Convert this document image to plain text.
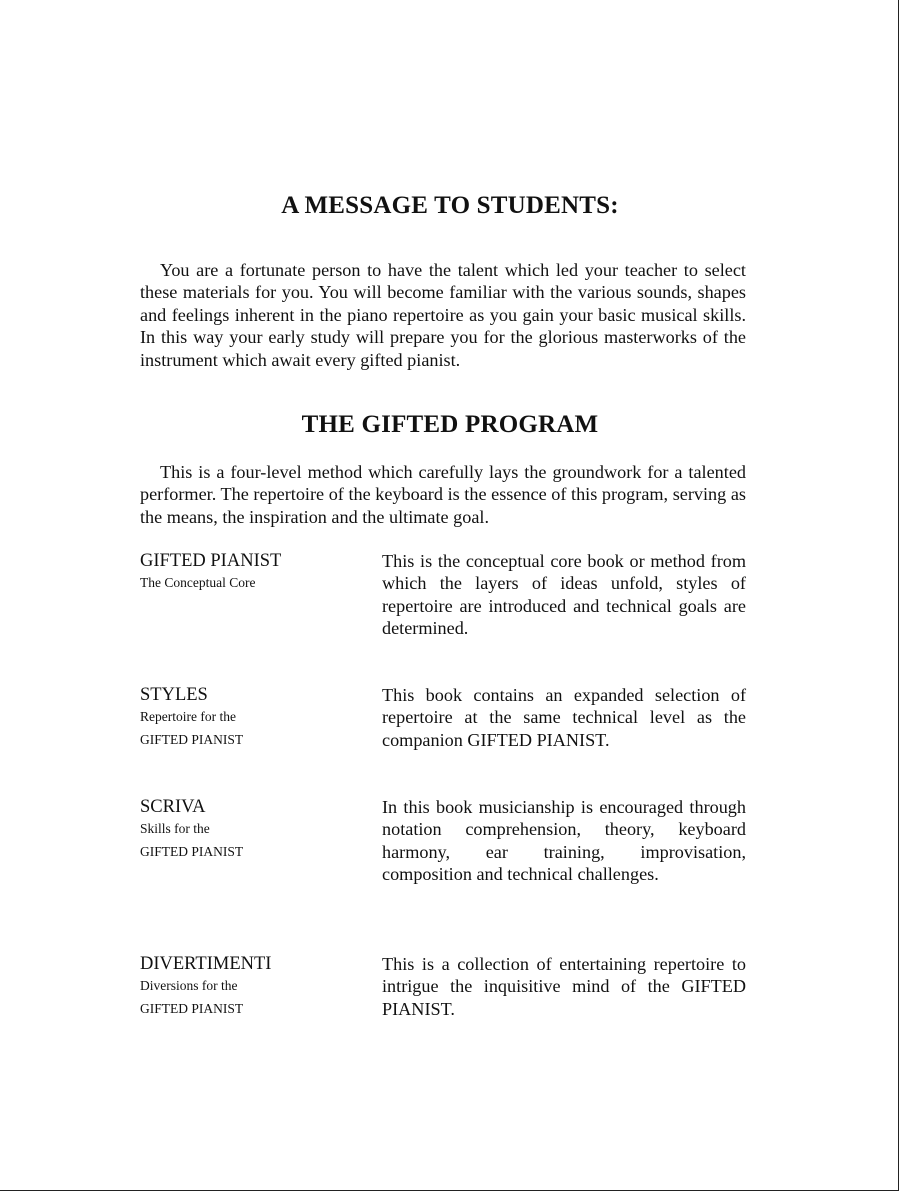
A MESSAGE TO STUDENTS:

You are a fortunate person to have the talent which led your teacher to select these materials for you. You will become familiar with the various sounds, shapes and feelings inherent in the piano repertoire as you gain your basic musical skills. In this way your early study will prepare you for the glorious masterworks of the instrument which await every gifted pianist.

THE GIFTED PROGRAM

This is a four-level method which carefully lays the groundwork for a talented performer. The repertoire of the keyboard is the essence of this program, serving as the means, the inspiration and the ultimate goal.

GIFTED PIANIST
The Conceptual Core

This is the conceptual core book or method from which the layers of ideas unfold, styles of repertoire are introduced and technical goals are determined.

STYLES
Repertoire for the
GIFTED PIANIST

This book contains an expanded selection of repertoire at the same technical level as the companion GIFTED PIANIST.

SCRIVA
Skills for the
GIFTED PIANIST

In this book musicianship is encouraged through notation comprehension, theory, keyboard harmony, ear training, improvisation, composition and technical challenges.

DIVERTIMENTI
Diversions for the
GIFTED PIANIST

This is a collection of entertaining repertoire to intrigue the inquisitive mind of the GIFTED PIANIST.
